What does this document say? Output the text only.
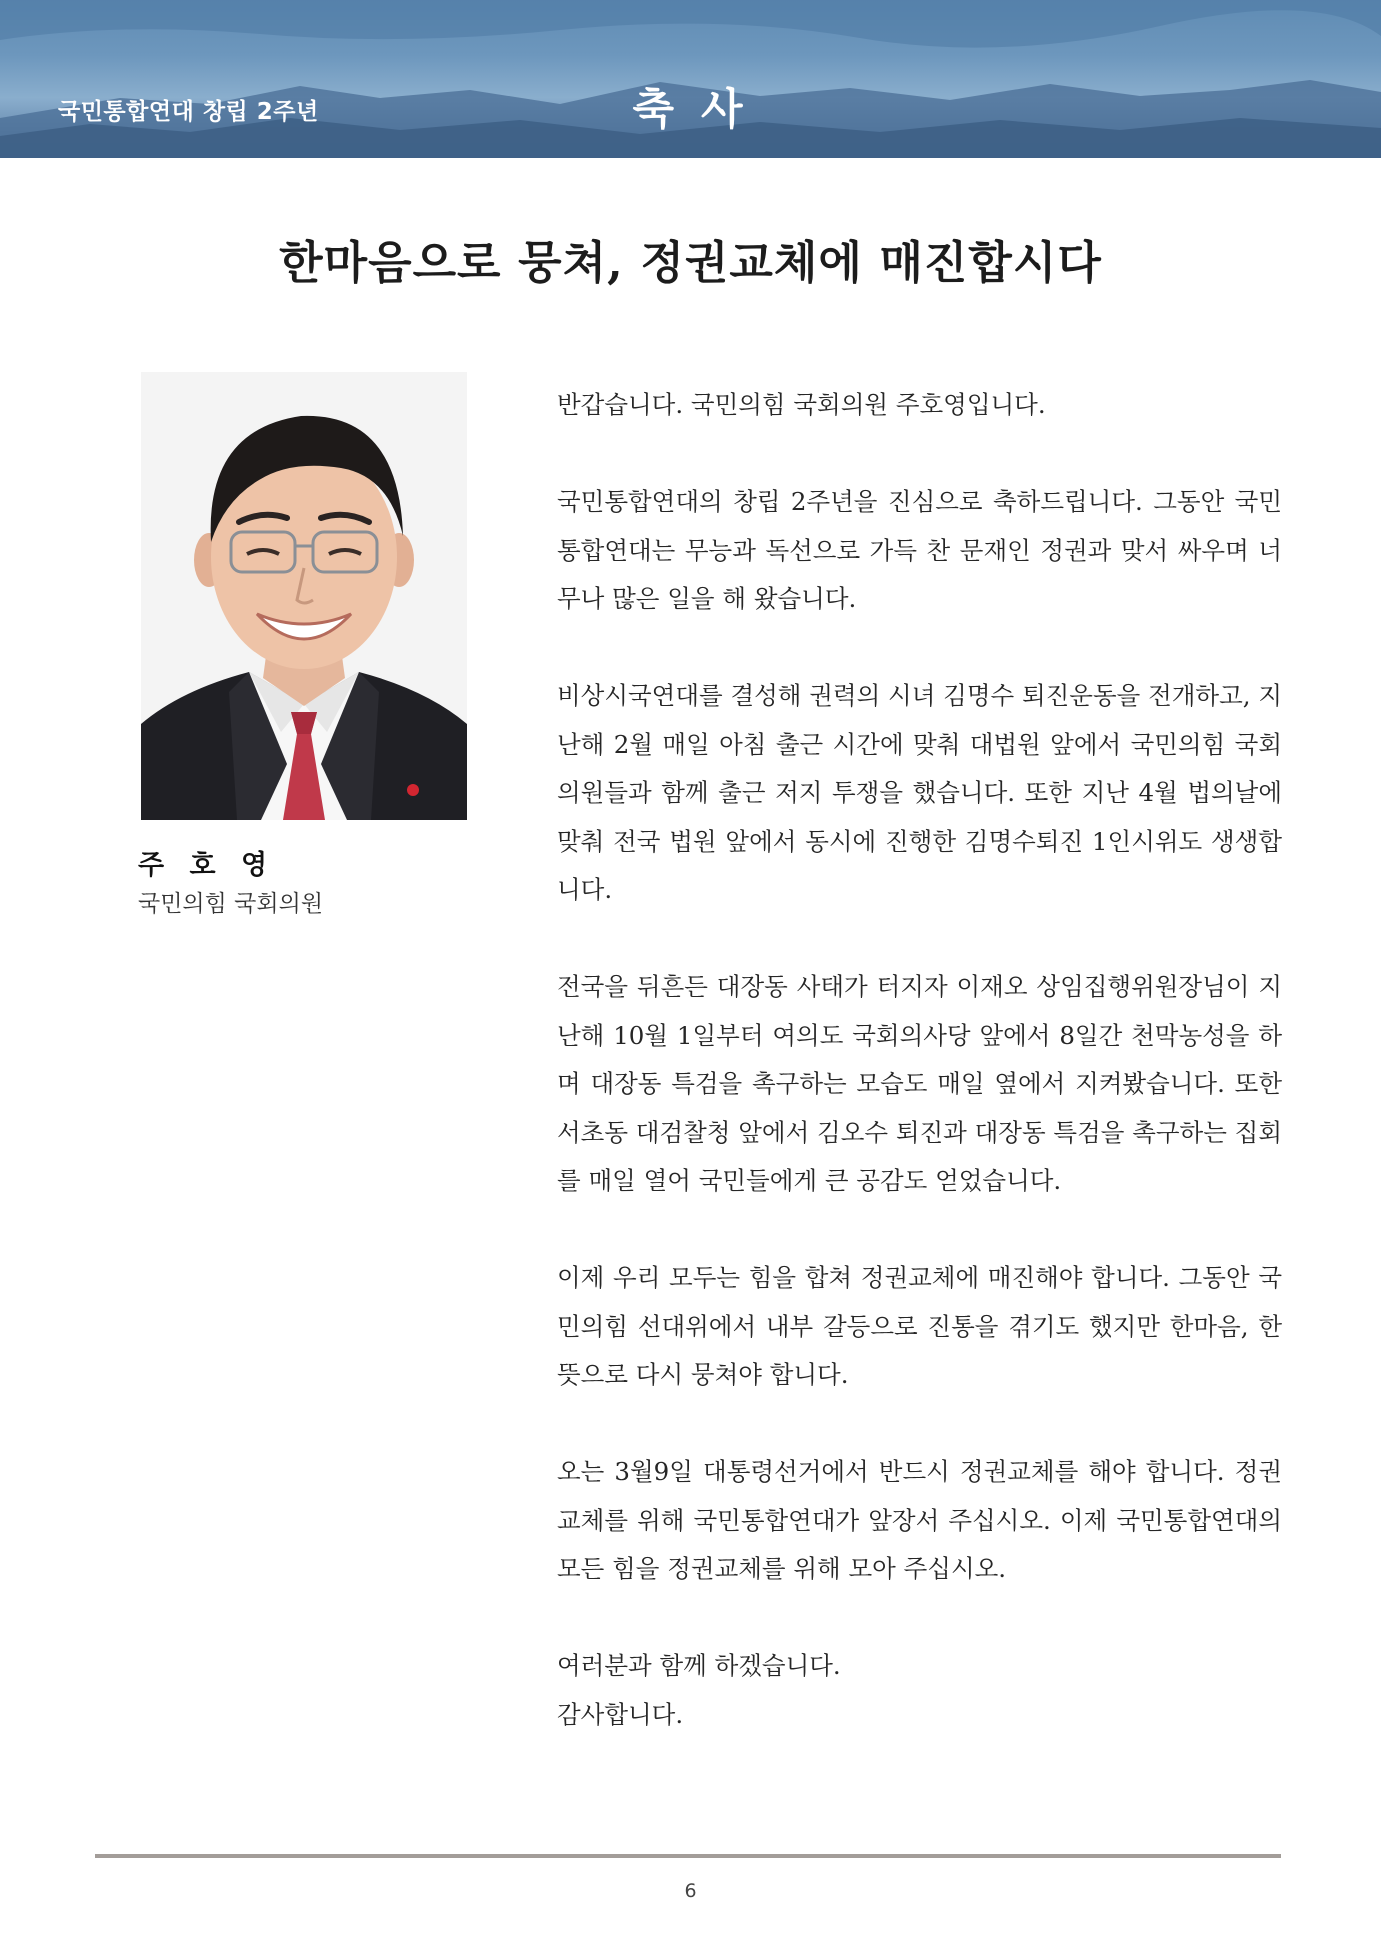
국민통합연대 창립 2주년	축 사
한마음으로 뭉쳐, 정권교체에 매진합시다
주 호 영
국민의힘 국회의원

반갑습니다. 국민의힘 국회의원 주호영입니다.

국민통합연대의 창립 2주년을 진심으로 축하드립니다. 그동안 국민통합연대는 무능과 독선으로 가득 찬 문재인 정권과 맞서 싸우며 너무나 많은 일을 해 왔습니다.

비상시국연대를 결성해 권력의 시녀 김명수 퇴진운동을 전개하고, 지난해 2월 매일 아침 출근 시간에 맞춰 대법원 앞에서 국민의힘 국회의원들과 함께 출근 저지 투쟁을 했습니다. 또한 지난 4월 법의날에 맞춰 전국 법원 앞에서 동시에 진행한 김명수퇴진 1인시위도 생생합니다.

전국을 뒤흔든 대장동 사태가 터지자 이재오 상임집행위원장님이 지난해 10월 1일부터 여의도 국회의사당 앞에서 8일간 천막농성을 하며 대장동 특검을 촉구하는 모습도 매일 옆에서 지켜봤습니다. 또한 서초동 대검찰청 앞에서 김오수 퇴진과 대장동 특검을 촉구하는 집회를 매일 열어 국민들에게 큰 공감도 얻었습니다.

이제 우리 모두는 힘을 합쳐 정권교체에 매진해야 합니다. 그동안 국민의힘 선대위에서 내부 갈등으로 진통을 겪기도 했지만 한마음, 한뜻으로 다시 뭉쳐야 합니다.

오는 3월9일 대통령선거에서 반드시 정권교체를 해야 합니다. 정권교체를 위해 국민통합연대가 앞장서 주십시오. 이제 국민통합연대의 모든 힘을 정권교체를 위해 모아 주십시오.

여러분과 함께 하겠습니다.

감사합니다.

6
